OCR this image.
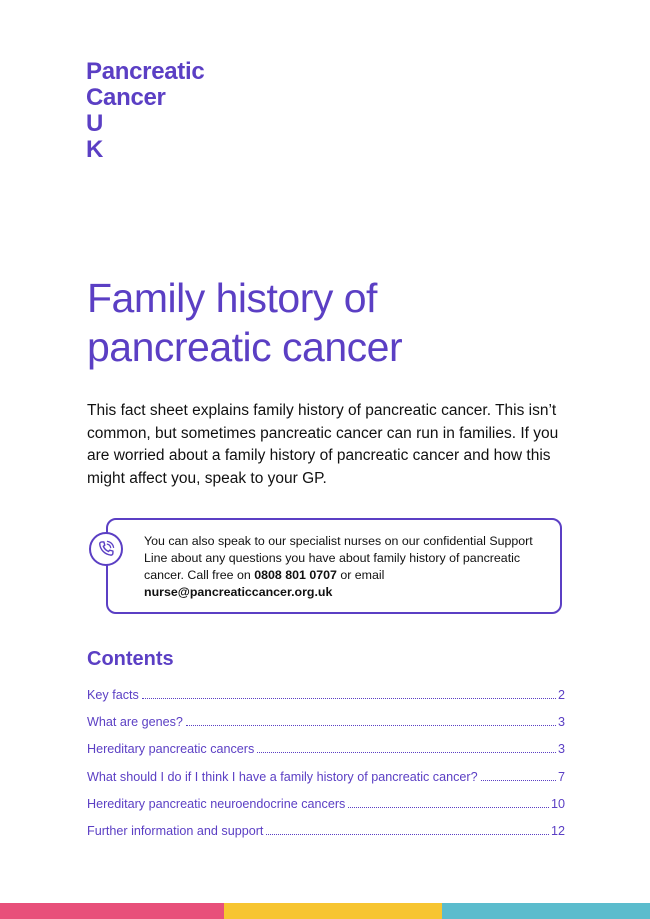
Pancreatic
Cancer
U
K
Family history of
pancreatic cancer

This fact sheet explains family history of pancreatic cancer. This isn’t common, but sometimes pancreatic cancer can run in families. If you are worried about a family history of pancreatic cancer and how this might affect you, speak to your GP.

You can also speak to our specialist nurses on our confidential Support Line about any questions you have about family history of pancreatic cancer. Call free on 0808 801 0707 or email nurse@pancreaticcancer.org.uk
Contents
Key facts	2
What are genes?	3
Hereditary pancreatic cancers	3
What should I do if I think I have a family history of pancreatic cancer?	7
Hereditary pancreatic neuroendocrine cancers	10
Further information and support	12
